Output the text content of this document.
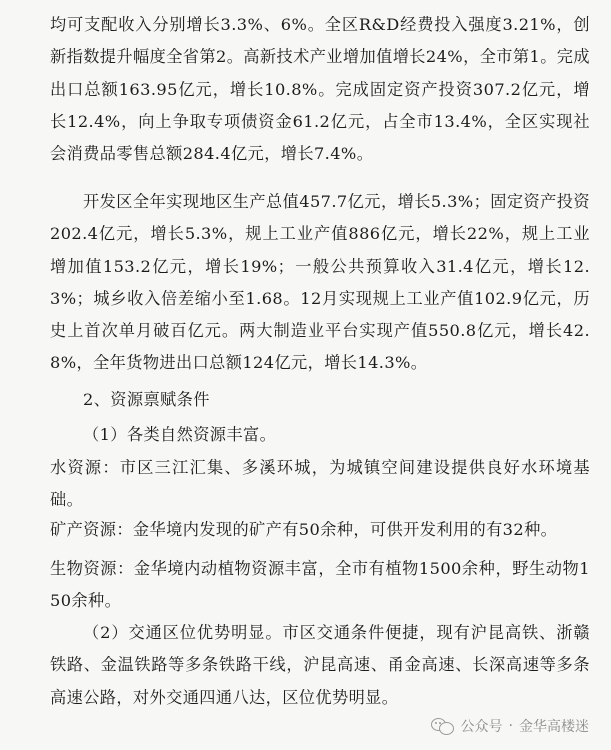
均可支配收入分别增长3.3%、6%。全区R&D经费投入强度3.21%，创新指数提升幅度全省第2。高新技术产业增加值增长24%，全市第1。完成出口总额163.95亿元，增长10.8%。完成固定资产投资307.2亿元，增长12.4%，向上争取专项债资金61.2亿元，占全市13.4%，全区实现社会消费品零售总额284.4亿元，增长7.4%。

开发区全年实现地区生产总值457.7亿元，增长5.3%；固定资产投资202.4亿元，增长5.3%，规上工业产值886亿元，增长22%，规上工业增加值153.2亿元，增长19%；一般公共预算收入31.4亿元，增长12.3%；城乡收入倍差缩小至1.68。12月实现规上工业产值102.9亿元，历史上首次单月破百亿元。两大制造业平台实现产值550.8亿元，增长42.8%，全年货物进出口总额124亿元，增长14.3%。

2、资源禀赋条件

（1）各类自然资源丰富。

水资源：市区三江汇集、多溪环城，为城镇空间建设提供良好水环境基础。

矿产资源：金华境内发现的矿产有50余种，可供开发利用的有32种。

生物资源：金华境内动植物资源丰富，全市有植物1500余种，野生动物150余种。

（2）交通区位优势明显。市区交通条件便捷，现有沪昆高铁、浙赣铁路、金温铁路等多条铁路干线，沪昆高速、甬金高速、长深高速等多条高速公路，对外交通四通八达，区位优势明显。

公众号 · 金华高楼迷
